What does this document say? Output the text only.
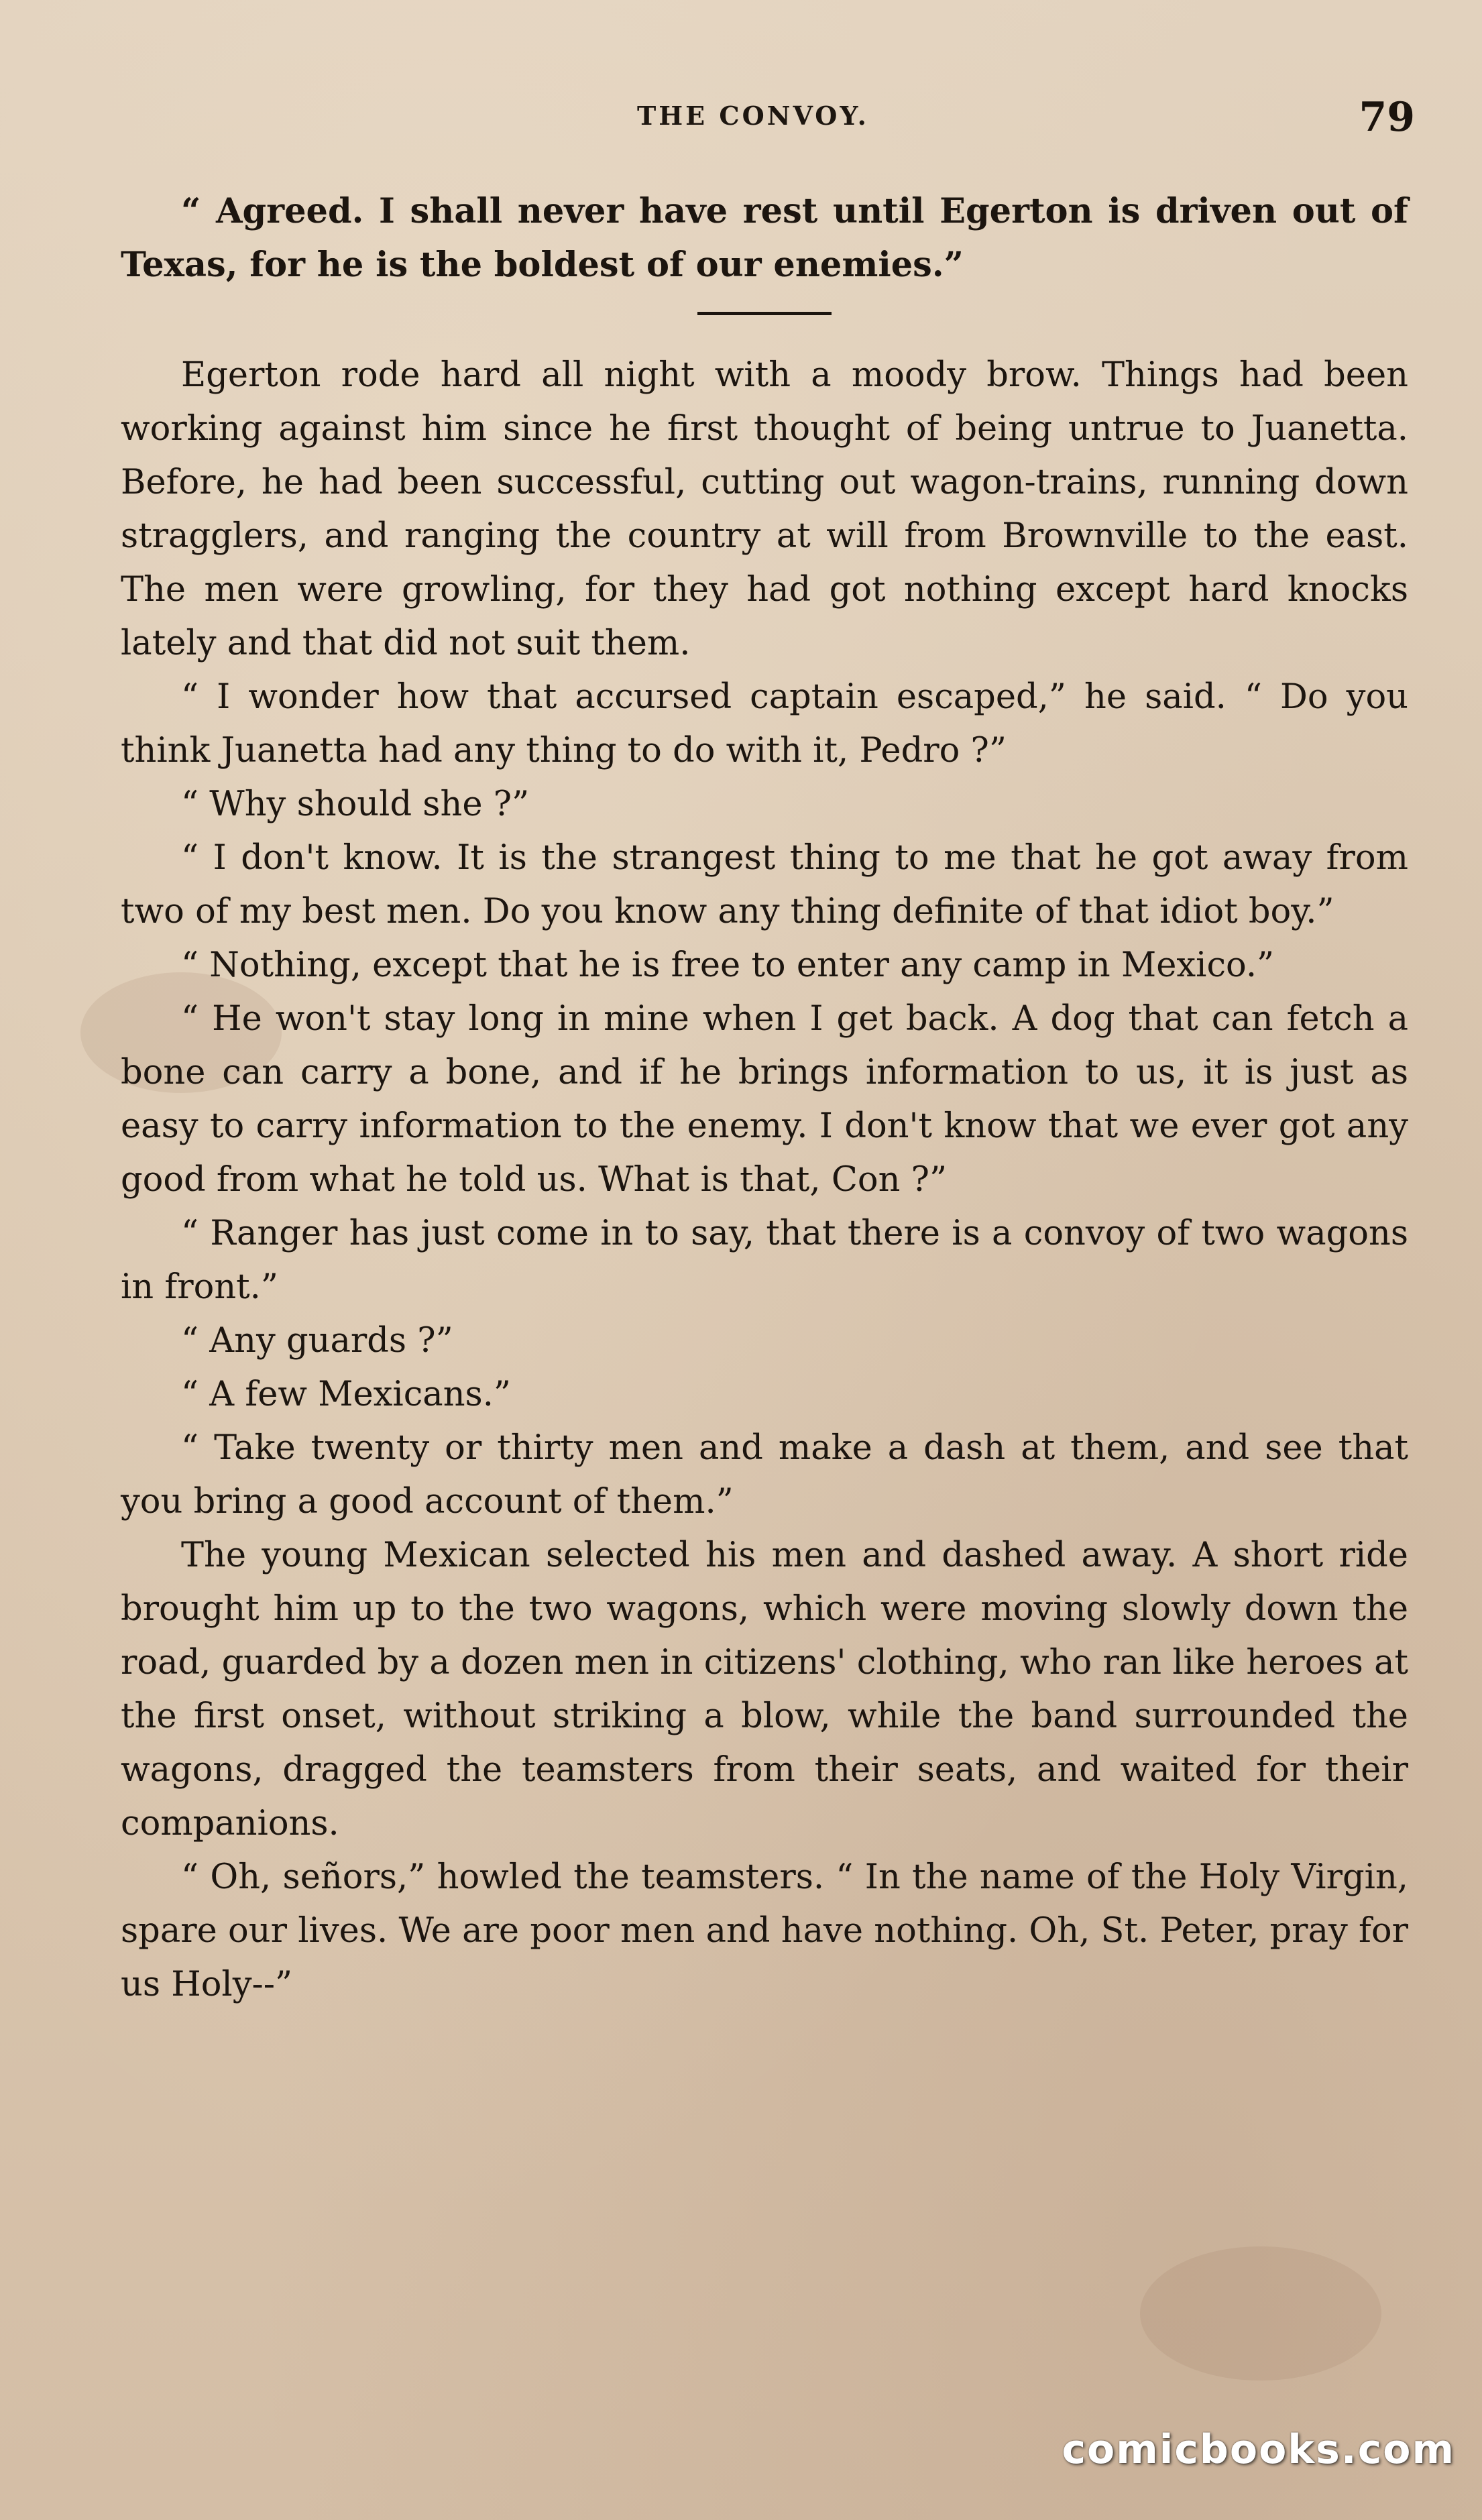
THE CONVOY.	79

“ Agreed. I shall never have rest until Egerton is driven out of Texas, for he is the boldest of our enemies.”

Egerton rode hard all night with a moody brow. Things had been working against him since he first thought of being untrue to Juanetta. Before, he had been successful, cutting out wagon-trains, running down stragglers, and ranging the country at will from Brownville to the east. The men were growling, for they had got nothing except hard knocks lately and that did not suit them.

“ I wonder how that accursed captain escaped,” he said. “ Do you think Juanetta had any thing to do with it, Pedro ?”

“ Why should she ?”

“ I don't know. It is the strangest thing to me that he got away from two of my best men. Do you know any thing definite of that idiot boy.”

“ Nothing, except that he is free to enter any camp in Mexico.”

“ He won't stay long in mine when I get back. A dog that can fetch a bone can carry a bone, and if he brings information to us, it is just as easy to carry information to the enemy. I don't know that we ever got any good from what he told us. What is that, Con ?”

“ Ranger has just come in to say, that there is a convoy of two wagons in front.”

“ Any guards ?”

“ A few Mexicans.”

“ Take twenty or thirty men and make a dash at them, and see that you bring a good account of them.”

The young Mexican selected his men and dashed away. A short ride brought him up to the two wagons, which were moving slowly down the road, guarded by a dozen men in citizens' clothing, who ran like heroes at the first onset, without striking a blow, while the band surrounded the wagons, dragged the teamsters from their seats, and waited for their companions.

“ Oh, señors,” howled the teamsters. “ In the name of the Holy Virgin, spare our lives. We are poor men and have nothing. Oh, St. Peter, pray for us Holy--”

comicbooks.com
